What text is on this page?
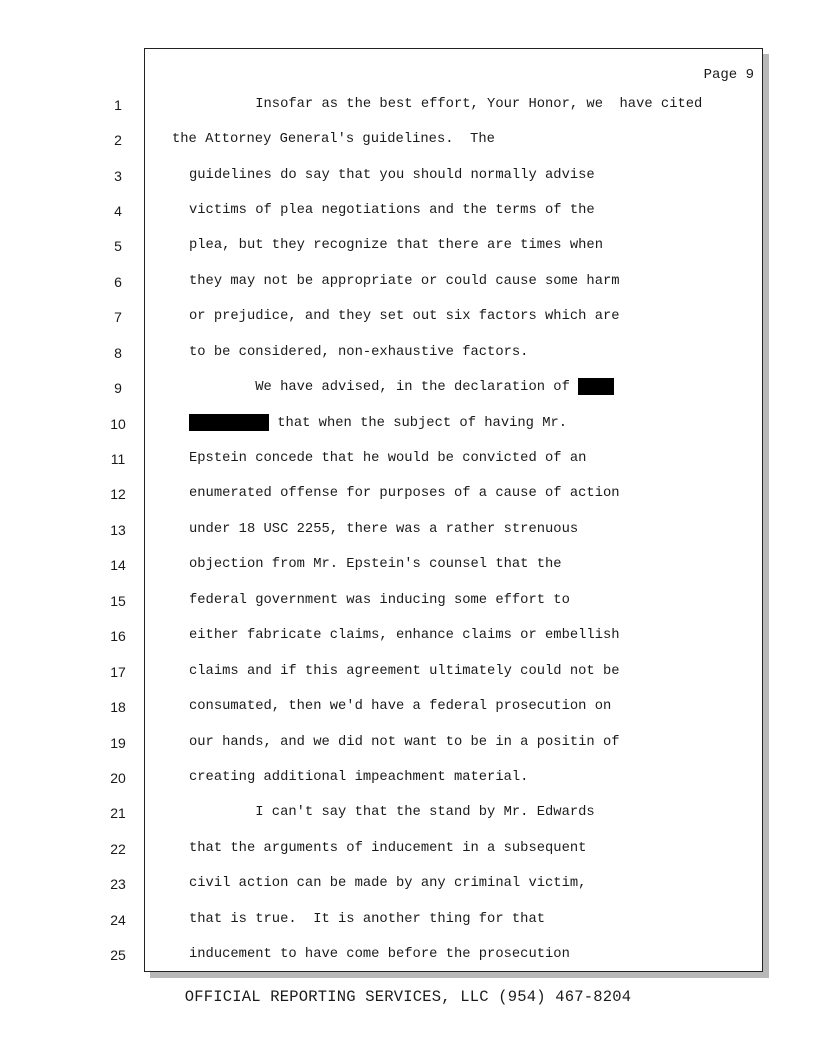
Page 9
1	Insofar as the best effort, Your Honor, we  have cited
2	the Attorney General's guidelines.  The
3	guidelines do say that you should normally advise
4	victims of plea negotiations and the terms of the
5	plea, but they recognize that there are times when
6	they may not be appropriate or could cause some harm
7	or prejudice, and they set out six factors which are
8	to be considered, non-exhaustive factors.
9	We have advised, in the declaration of
10	that when the subject of having Mr.
11	Epstein concede that he would be convicted of an
12	enumerated offense for purposes of a cause of action
13	under 18 USC 2255, there was a rather strenuous
14	objection from Mr. Epstein's counsel that the
15	federal government was inducing some effort to
16	either fabricate claims, enhance claims or embellish
17	claims and if this agreement ultimately could not be
18	consumated, then we'd have a federal prosecution on
19	our hands, and we did not want to be in a positin of
20	creating additional impeachment material.
21	I can't say that the stand by Mr. Edwards
22	that the arguments of inducement in a subsequent
23	civil action can be made by any criminal victim,
24	that is true.  It is another thing for that
25	inducement to have come before the prosecution
OFFICIAL REPORTING SERVICES, LLC (954) 467-8204
